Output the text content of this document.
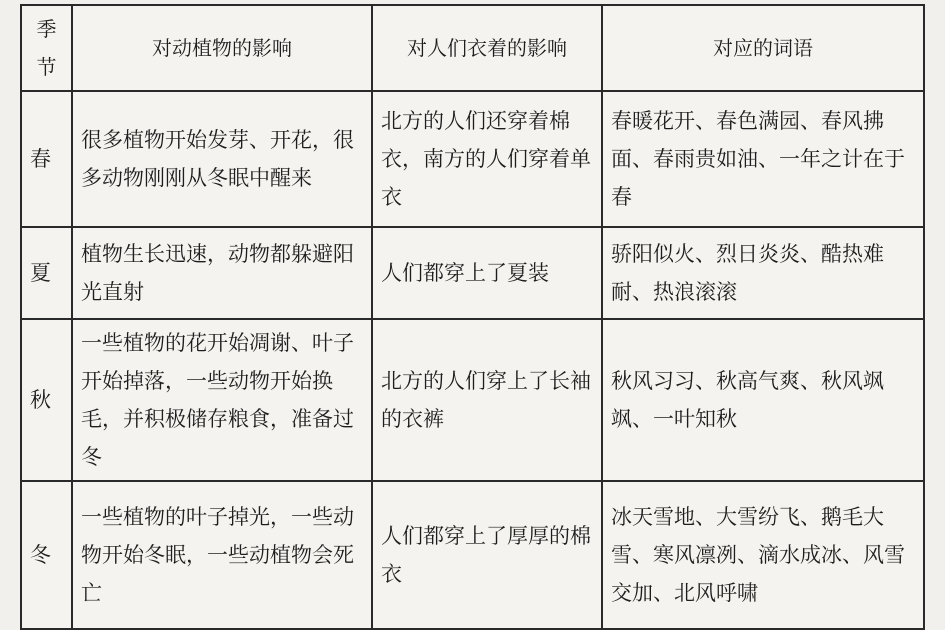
季节	对动植物的影响	对人们衣着的影响	对应的词语
春	很多植物开始发芽、开花，很多动物刚刚从冬眠中醒来	北方的人们还穿着棉衣，南方的人们穿着单衣	春暖花开、春色满园、春风拂面、春雨贵如油、一年之计在于春
夏	植物生长迅速，动物都躲避阳光直射	人们都穿上了夏装	骄阳似火、烈日炎炎、酷热难耐、热浪滚滚
秋	一些植物的花开始凋谢、叶子开始掉落，一些动物开始换毛，并积极储存粮食，准备过冬	北方的人们穿上了长袖的衣裤	秋风习习、秋高气爽、秋风飒飒、一叶知秋
冬	一些植物的叶子掉光，一些动物开始冬眠，一些动植物会死亡	人们都穿上了厚厚的棉衣	冰天雪地、大雪纷飞、鹅毛大雪、寒风凛冽、滴水成冰、风雪交加、北风呼啸
